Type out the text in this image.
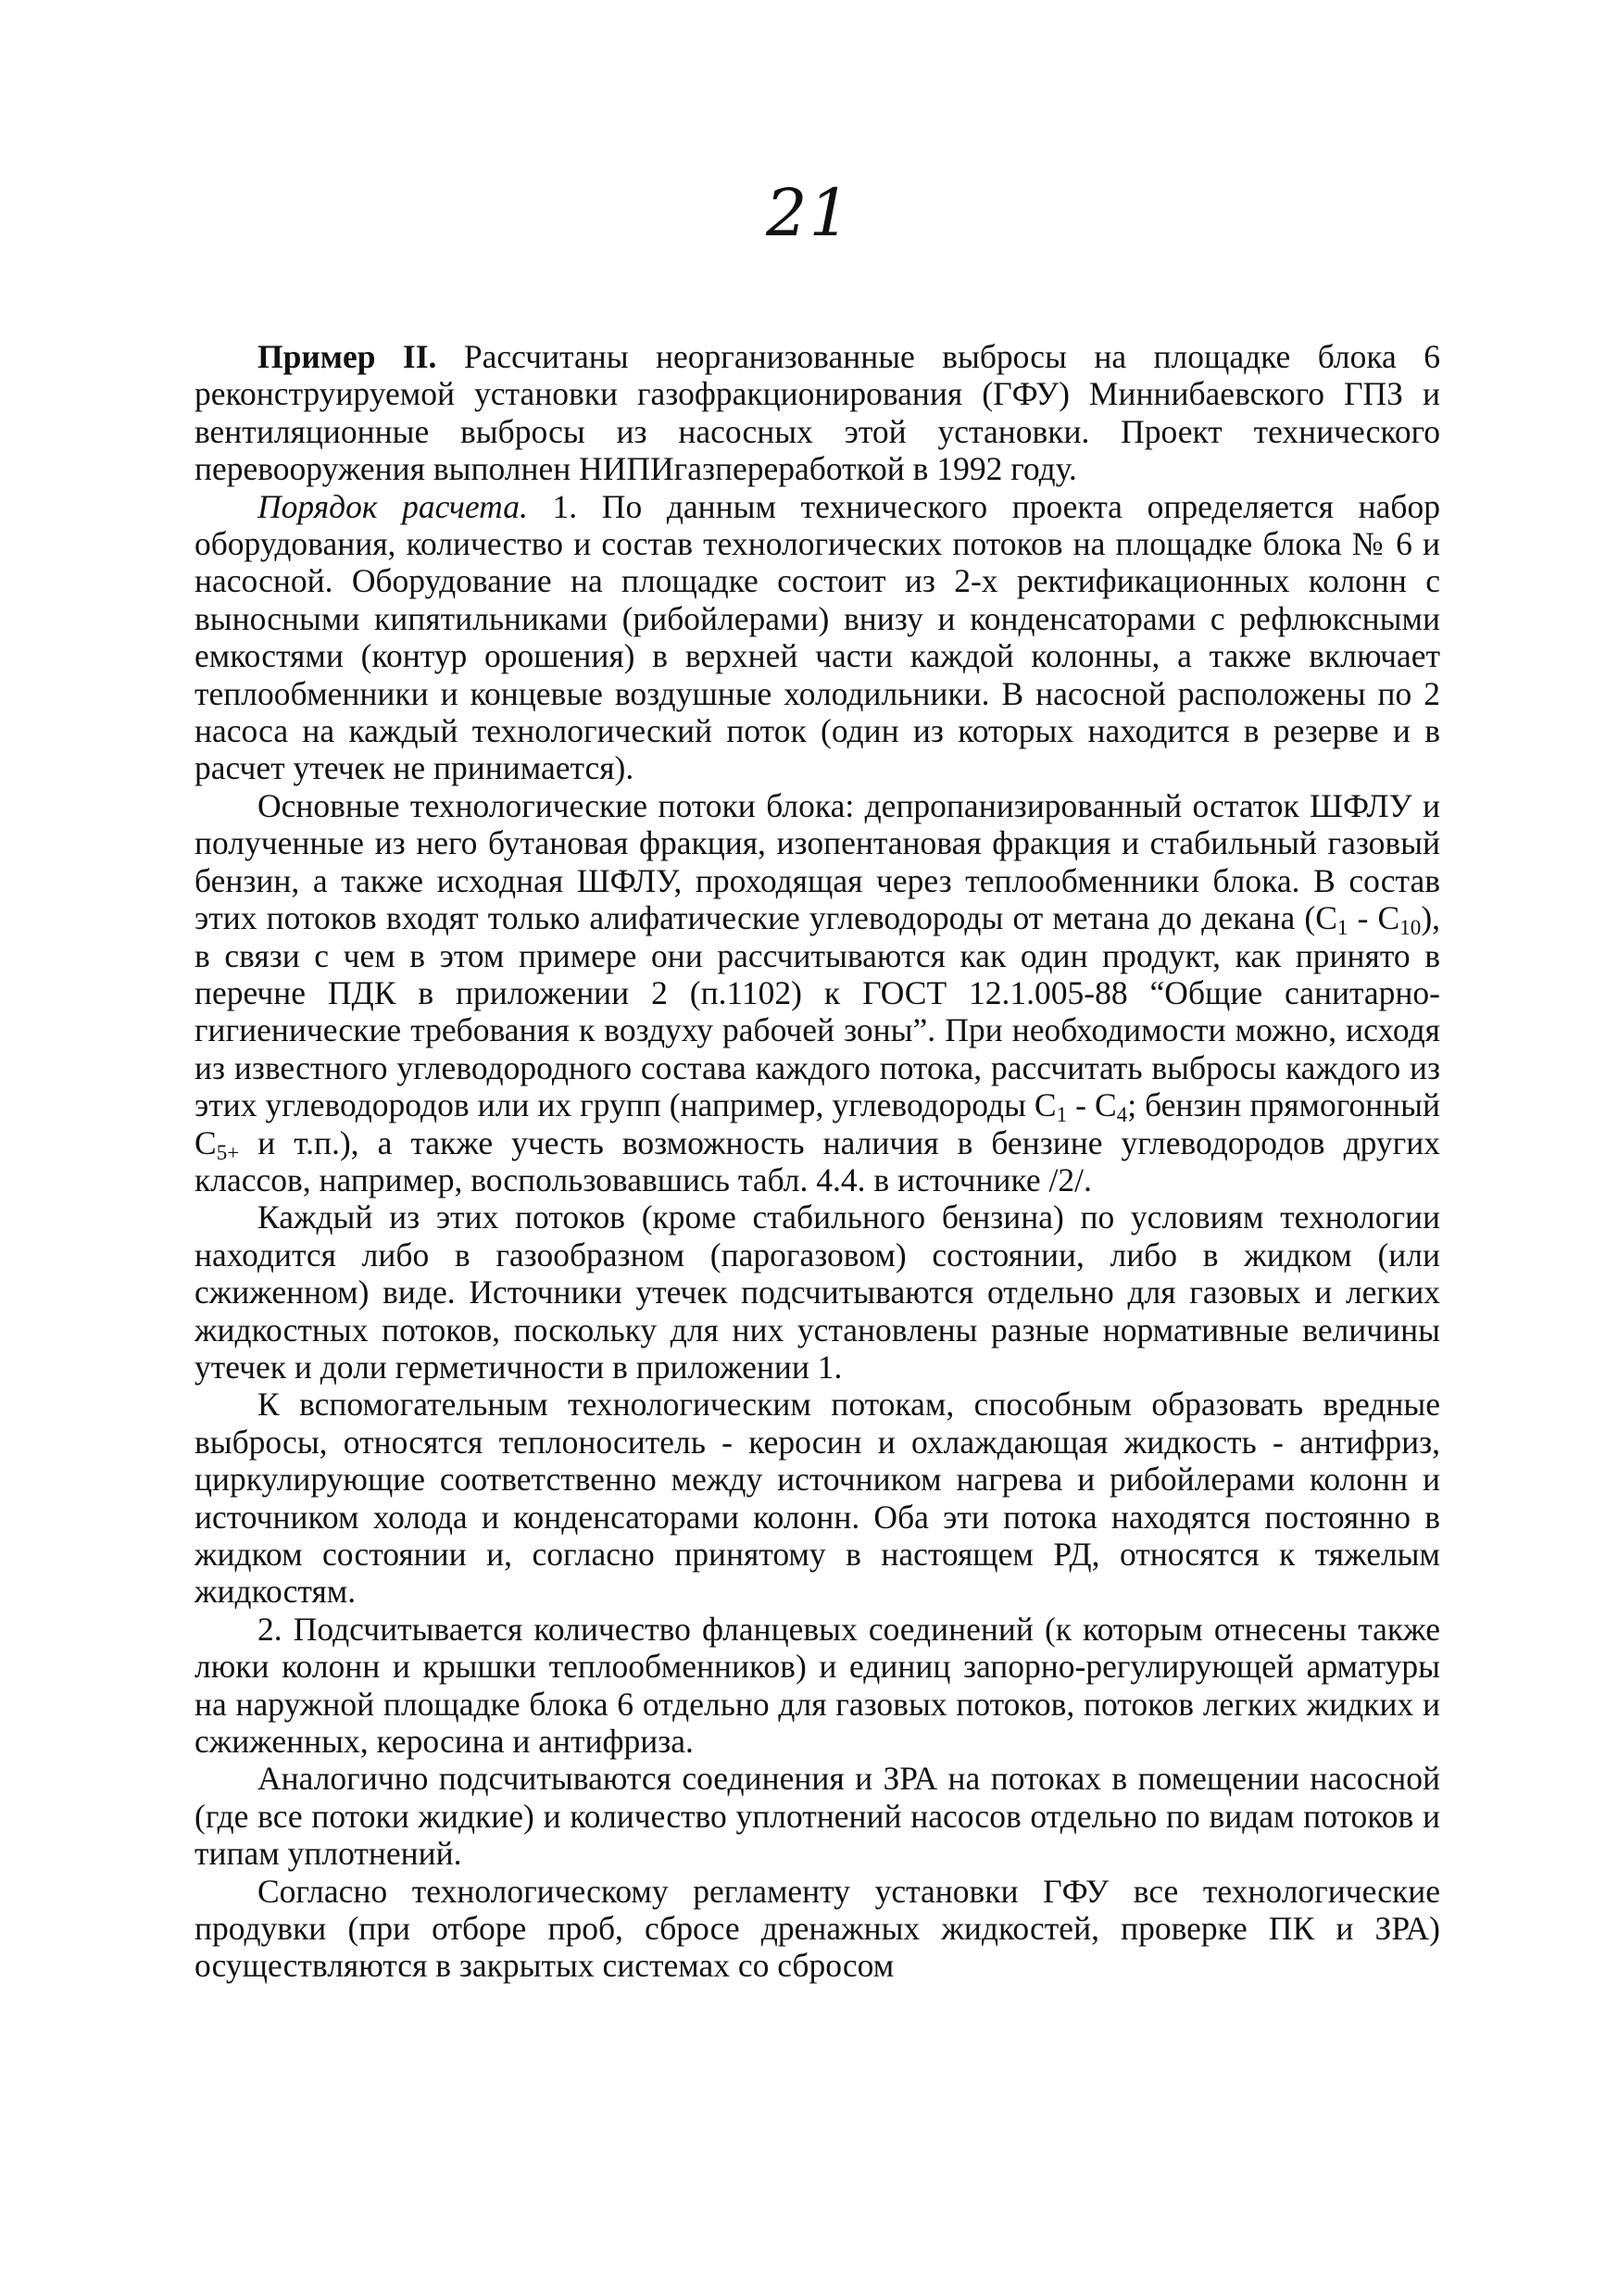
21

Пример II. Рассчитаны неорганизованные выбросы на площадке блока 6 реконструируемой установки газофракционирования (ГФУ) Миннибаевского ГПЗ и вентиляционные выбросы из насосных этой установки. Проект технического перевооружения выполнен НИПИгазпереработкой в 1992 году.

Порядок расчета. 1. По данным технического проекта определяется набор оборудования, количество и состав технологических потоков на площадке блока № 6 и насосной. Оборудование на площадке состоит из 2-х ректификационных колонн с выносными кипятильниками (рибойлерами) внизу и конденсаторами с рефлюксными емкостями (контур орошения) в верхней части каждой колонны, а также включает теплообменники и концевые воздушные холодильники. В насосной расположены по 2 насоса на каждый технологический поток (один из которых находится в резерве и в расчет утечек не принимается).

Основные технологические потоки блока: депропанизированный остаток ШФЛУ и полученные из него бутановая фракция, изопентановая фракция и стабильный газовый бензин, а также исходная ШФЛУ, проходящая через теплообменники блока. В состав этих потоков входят только алифатические углеводороды от метана до декана $(C_1 - C_{10})$, в связи с чем в этом примере они рассчитываются как один продукт, как принято в перечне ПДК в приложении 2 (п.1102) к ГОСТ 12.1.005-88 “Общие санитарно-гигиенические требования к воздуху рабочей зоны”. При необходимости можно, исходя из известного углеводородного состава каждого потока, рассчитать выбросы каждого из этих углеводородов или их групп (например, углеводороды $C_1 - C_4$; бензин прямогонный $C_{5+}$ и т.п.), а также учесть возможность наличия в бензине углеводородов других классов, например, воспользовавшись табл. 4.4. в источнике /2/.

Каждый из этих потоков (кроме стабильного бензина) по условиям технологии находится либо в газообразном (парогазовом) состоянии, либо в жидком (или сжиженном) виде. Источники утечек подсчитываются отдельно для газовых и легких жидкостных потоков, поскольку для них установлены разные нормативные величины утечек и доли герметичности в приложении 1.

К вспомогательным технологическим потокам, способным образовать вредные выбросы, относятся теплоноситель - керосин и охлаждающая жидкость - антифриз, циркулирующие соответственно между источником нагрева и рибойлерами колонн и источником холода и конденсаторами колонн. Оба эти потока находятся постоянно в жидком состоянии и, согласно принятому в настоящем РД, относятся к тяжелым жидкостям.

2. Подсчитывается количество фланцевых соединений (к которым отнесены также люки колонн и крышки теплообменников) и единиц запорно-регулирующей арматуры на наружной площадке блока 6 отдельно для газовых потоков, потоков легких жидких и сжиженных, керосина и антифриза.

Аналогично подсчитываются соединения и ЗРА на потоках в помещении насосной (где все потоки жидкие) и количество уплотнений насосов отдельно по видам потоков и типам уплотнений.

Согласно технологическому регламенту установки ГФУ все технологические продувки (при отборе проб, сбросе дренажных жидкостей, проверке ПК и ЗРА) осуществляются в закрытых системах со сбросом
